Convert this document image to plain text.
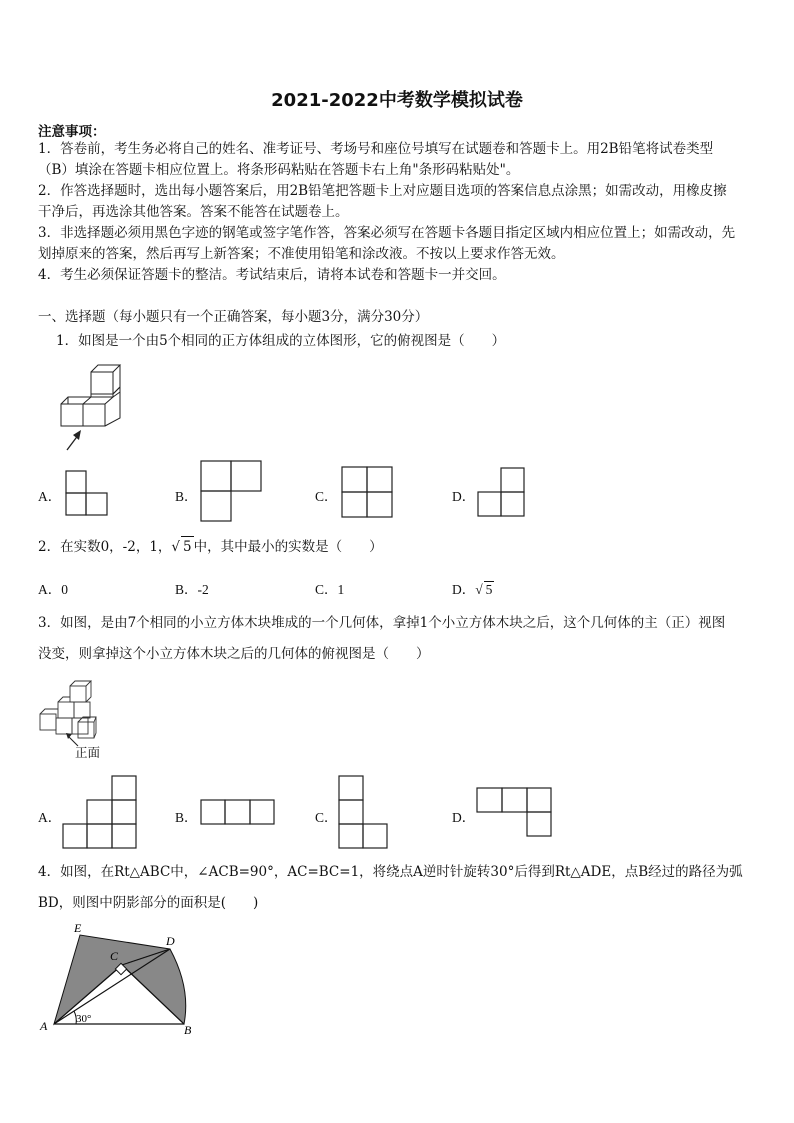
2021-2022中考数学模拟试卷
注意事项：
1．答卷前，考生务必将自己的姓名、准考证号、考场号和座位号填写在试题卷和答题卡上。用2B铅笔将试卷类型
（B）填涂在答题卡相应位置上。将条形码粘贴在答题卡右上角"条形码粘贴处"。
2．作答选择题时，选出每小题答案后，用2B铅笔把答题卡上对应题目选项的答案信息点涂黑；如需改动，用橡皮擦
干净后，再选涂其他答案。答案不能答在试题卷上。
3．非选择题必须用黑色字迹的钢笔或签字笔作答，答案必须写在答题卡各题目指定区域内相应位置上；如需改动，先
划掉原来的答案，然后再写上新答案；不准使用铅笔和涂改液。不按以上要求作答无效。
4．考生必须保证答题卡的整洁。考试结束后，请将本试卷和答题卡一并交回。
一、选择题（每小题只有一个正确答案，每小题3分，满分30分）
1．如图是一个由5个相同的正方体组成的立体图形，它的俯视图是（　　）
A．	B．	C．	D．
2．在实数0，-2，1，√ 5 中，其中最小的实数是（　　）
A．0	B．-2	C．1	D．√ 5
3．如图，是由7个相同的小立方体木块堆成的一个几何体，拿掉1个小立方体木块之后，这个几何体的主（正）视图
没变，则拿掉这个小立方体木块之后的几何体的俯视图是（　　）
正面
A．	B．	C．	D．
4．如图，在Rt△ABC中，∠ACB=90°，AC=BC=1，将绕点A逆时针旋转30°后得到Rt△ADE，点B经过的路径为弧
BD，则图中阴影部分的面积是(　　)
E
C
D
A	B
30°
